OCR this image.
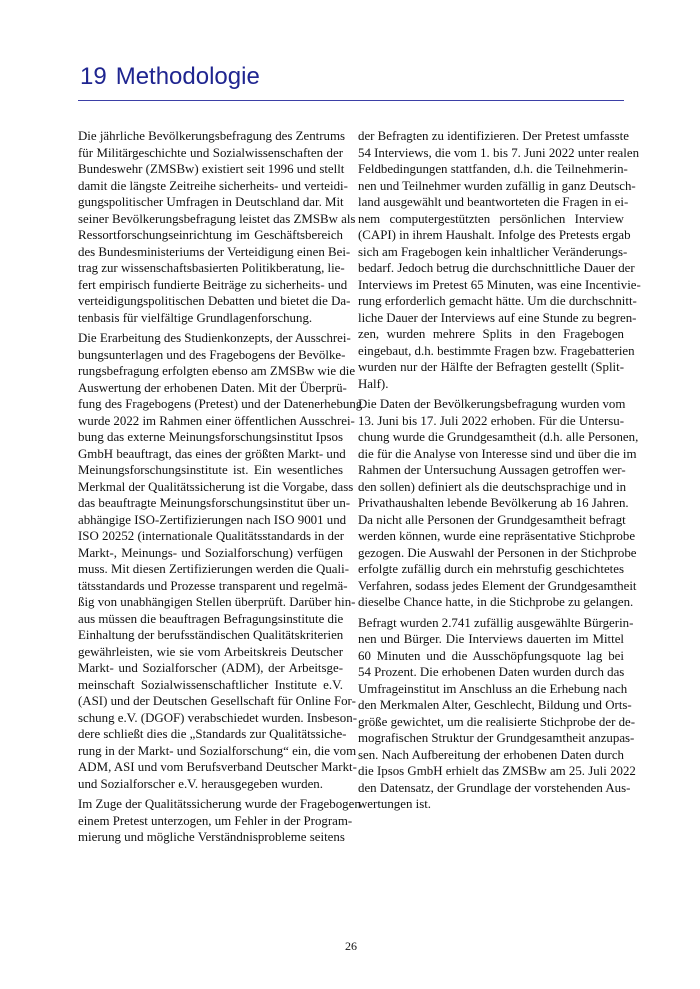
19 Methodologie
Die jährliche Bevölkerungsbefragung des Zentrums
für Militärgeschichte und Sozialwissenschaften der
Bundeswehr (ZMSBw) existiert seit 1996 und stellt
damit die längste Zeitreihe sicherheits- und verteidi-
gungspolitischer Umfragen in Deutschland dar. Mit
seiner Bevölkerungsbefragung leistet das ZMSBw als
Ressortforschungseinrichtung im Geschäftsbereich
des Bundesministeriums der Verteidigung einen Bei-
trag zur wissenschaftsbasierten Politikberatung, lie-
fert empirisch fundierte Beiträge zu sicherheits- und
verteidigungspolitischen Debatten und bietet die Da-
tenbasis für vielfältige Grundlagenforschung.
Die Erarbeitung des Studienkonzepts, der Ausschrei-
bungsunterlagen und des Fragebogens der Bevölke-
rungsbefragung erfolgten ebenso am ZMSBw wie die
Auswertung der erhobenen Daten. Mit der Überprü-
fung des Fragebogens (Pretest) und der Datenerhebung
wurde 2022 im Rahmen einer öffentlichen Ausschrei-
bung das externe Meinungsforschungsinstitut Ipsos
GmbH beauftragt, das eines der größten Markt- und
Meinungsforschungsinstitute ist. Ein wesentliches
Merkmal der Qualitätssicherung ist die Vorgabe, dass
das beauftragte Meinungsforschungsinstitut über un-
abhängige ISO-Zertifizierungen nach ISO 9001 und
ISO 20252 (internationale Qualitätsstandards in der
Markt-, Meinungs- und Sozialforschung) verfügen
muss. Mit diesen Zertifizierungen werden die Quali-
tätsstandards und Prozesse transparent und regelmä-
ßig von unabhängigen Stellen überprüft. Darüber hin-
aus müssen die beauftragen Befragungsinstitute die
Einhaltung der berufsständischen Qualitätskriterien
gewährleisten, wie sie vom Arbeitskreis Deutscher
Markt- und Sozialforscher (ADM), der Arbeitsge-
meinschaft Sozialwissenschaftlicher Institute e.V.
(ASI) und der Deutschen Gesellschaft für Online For-
schung e.V. (DGOF) verabschiedet wurden. Insbeson-
dere schließt dies die „Standards zur Qualitätssiche-
rung in der Markt- und Sozialforschung“ ein, die vom
ADM, ASI und vom Berufsverband Deutscher Markt-
und Sozialforscher e.V. herausgegeben wurden.
Im Zuge der Qualitätssicherung wurde der Fragebogen
einem Pretest unterzogen, um Fehler in der Program-
mierung und mögliche Verständnisprobleme seitens
der Befragten zu identifizieren. Der Pretest umfasste
54 Interviews, die vom 1. bis 7. Juni 2022 unter realen
Feldbedingungen stattfanden, d.h. die Teilnehmerin-
nen und Teilnehmer wurden zufällig in ganz Deutsch-
land ausgewählt und beantworteten die Fragen in ei-
nem computergestützten persönlichen Interview
(CAPI) in ihrem Haushalt. Infolge des Pretests ergab
sich am Fragebogen kein inhaltlicher Veränderungs-
bedarf. Jedoch betrug die durchschnittliche Dauer der
Interviews im Pretest 65 Minuten, was eine Incentivie-
rung erforderlich gemacht hätte. Um die durchschnitt-
liche Dauer der Interviews auf eine Stunde zu begren-
zen, wurden mehrere Splits in den Fragebogen
eingebaut, d.h. bestimmte Fragen bzw. Fragebatterien
wurden nur der Hälfte der Befragten gestellt (Split-
Half).
Die Daten der Bevölkerungsbefragung wurden vom
13. Juni bis 17. Juli 2022 erhoben. Für die Untersu-
chung wurde die Grundgesamtheit (d.h. alle Personen,
die für die Analyse von Interesse sind und über die im
Rahmen der Untersuchung Aussagen getroffen wer-
den sollen) definiert als die deutschsprachige und in
Privathaushalten lebende Bevölkerung ab 16 Jahren.
Da nicht alle Personen der Grundgesamtheit befragt
werden können, wurde eine repräsentative Stichprobe
gezogen. Die Auswahl der Personen in der Stichprobe
erfolgte zufällig durch ein mehrstufig geschichtetes
Verfahren, sodass jedes Element der Grundgesamtheit
dieselbe Chance hatte, in die Stichprobe zu gelangen.
Befragt wurden 2.741 zufällig ausgewählte Bürgerin-
nen und Bürger. Die Interviews dauerten im Mittel
60 Minuten und die Ausschöpfungsquote lag bei
54 Prozent. Die erhobenen Daten wurden durch das
Umfrageinstitut im Anschluss an die Erhebung nach
den Merkmalen Alter, Geschlecht, Bildung und Orts-
größe gewichtet, um die realisierte Stichprobe der de-
mografischen Struktur der Grundgesamtheit anzupas-
sen. Nach Aufbereitung der erhobenen Daten durch
die Ipsos GmbH erhielt das ZMSBw am 25. Juli 2022
den Datensatz, der Grundlage der vorstehenden Aus-
wertungen ist.
26
